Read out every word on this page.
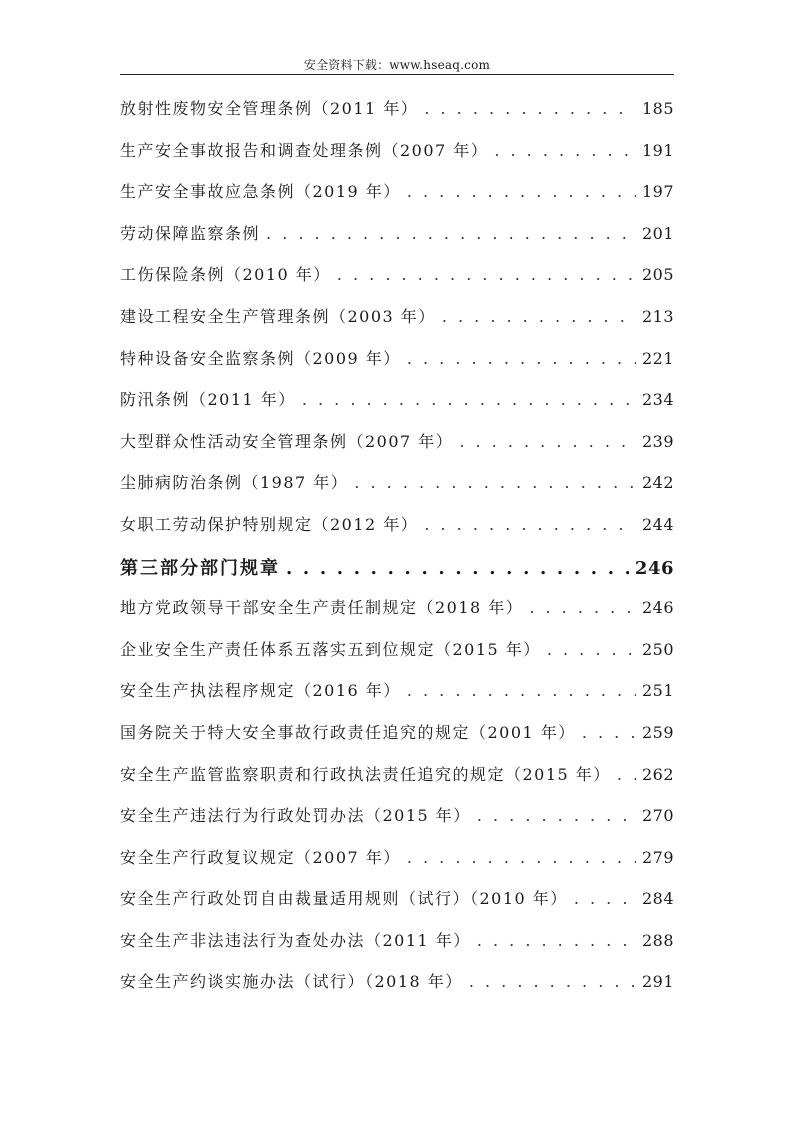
安全资料下载：www.hseaq.com
放射性废物安全管理条例（2011 年） . . .	185
生产安全事故报告和调查处理条例（2007 年） . . .	191
生产安全事故应急条例（2019 年） . . .	197
劳动保障监察条例 . . .	201
工伤保险条例（2010 年） . . .	205
建设工程安全生产管理条例（2003 年） . . .	213
特种设备安全监察条例（2009 年） . . .	221
防汛条例（2011 年） . . .	234
大型群众性活动安全管理条例（2007 年） . . .	239
尘肺病防治条例（1987 年） . . .	242
女职工劳动保护特别规定（2012 年） . . .	244
第三部分部门规章 . . .	246
地方党政领导干部安全生产责任制规定（2018 年） . . .	246
企业安全生产责任体系五落实五到位规定（2015 年） . . .	250
安全生产执法程序规定（2016 年） . . .	251
国务院关于特大安全事故行政责任追究的规定（2001 年） . . .	259
安全生产监管监察职责和行政执法责任追究的规定（2015 年） . . . 262
安全生产违法行为行政处罚办法（2015 年） . . .	270
安全生产行政复议规定（2007 年） . . .	279
安全生产行政处罚自由裁量适用规则（试行）（2010 年） . . .	284
安全生产非法违法行为查处办法（2011 年） . . .	288
安全生产约谈实施办法（试行）（2018 年） . . .	291
